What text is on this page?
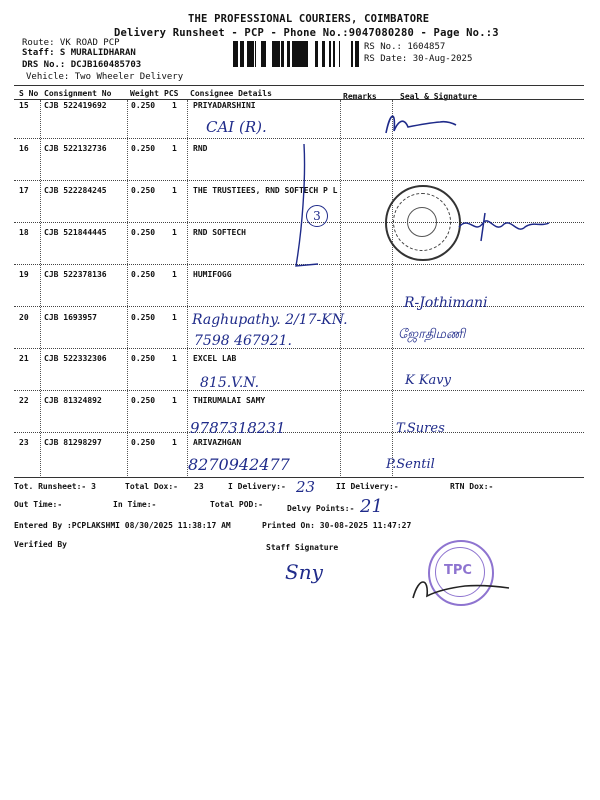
THE PROFESSIONAL COURIERS, COIMBATORE
Delivery Runsheet - PCP - Phone No.:9047080280 - Page No.:3
Route: VK ROAD PCP
Staff: S MURALIDHARAN
DRS No.: DCJB160485703
Vehicle: Two Wheeler Delivery
RS No.: 1604857
RS Date: 30-Aug-2025
S No Consignment No Weight PCS Consignee Details	Remarks	Seal & Signature
15 CJB 522419692	0.250 1 PRIYADARSHINI
16 CJB 522132736	0.250 1 RND
17 CJB 522284245	0.250 1 THE TRUSTIEES, RND SOFTECH P L
18 CJB 521844445	0.250 1 RND SOFTECH
19 CJB 522378136	0.250 1 HUMIFOGG
20 CJB 1693957	0.250 1
21 CJB 522332306	0.250 1 EXCEL LAB
22 CJB 81324892	0.250 1 THIRUMALAI SAMY
23 CJB 81298297	0.250 1 ARIVAZHGAN
CAI (R).
3
Raghupathy. 2/17-KN.
7598 467921.
R-Jothimani
ஜோதிமணி
815.V.N.	K Kavy
9787318231	T.Sures
8270942477	P.Sentil
Tot. Runsheet:- 3	Total Dox:- 23	I Delivery:- 23	II Delivery:-	RTN Dox:-
Out Time:-	In Time:-	Total POD:-	Delvy Points:- 21
Entered By :PCPLAKSHMI 08/30/2025 11:38:17 AM	Printed On: 30-08-2025 11:47:27
Verified By	Staff Signature
Sny	TPC
